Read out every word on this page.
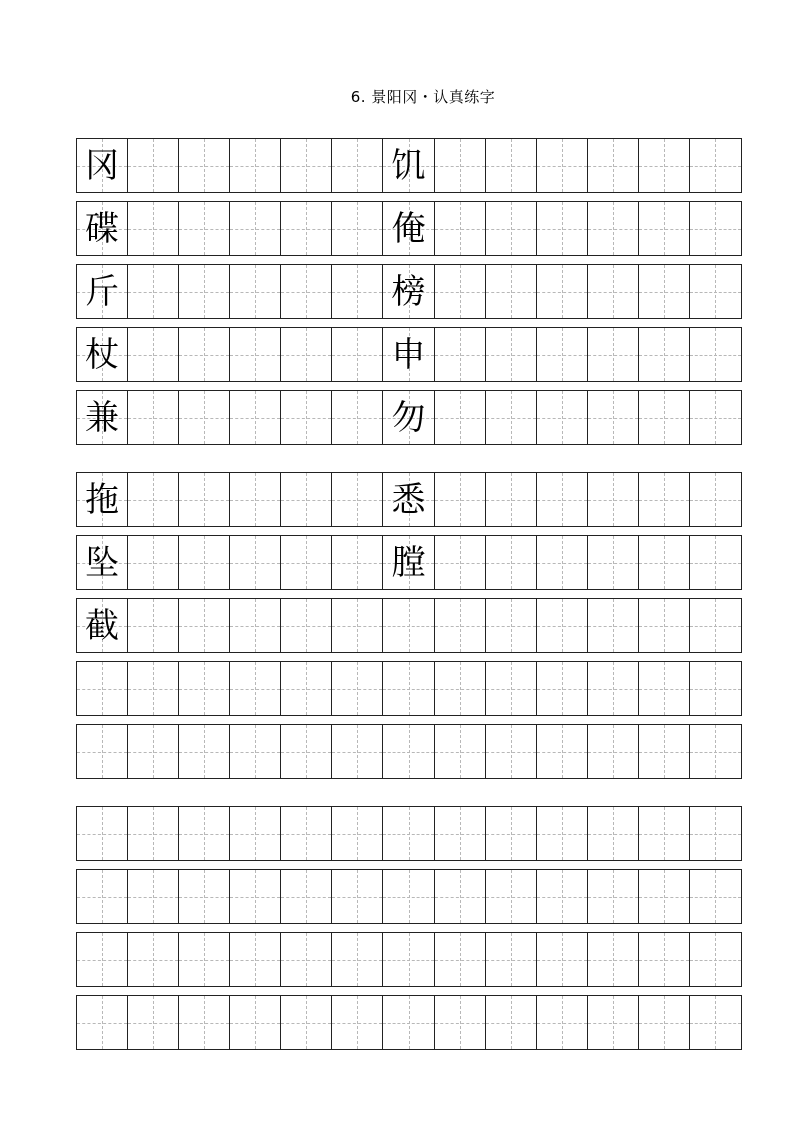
6. 景阳冈・认真练字
冈	饥
碟	俺
斤	榜
杖	申
兼	勿
拖	悉
坠	膛
截
